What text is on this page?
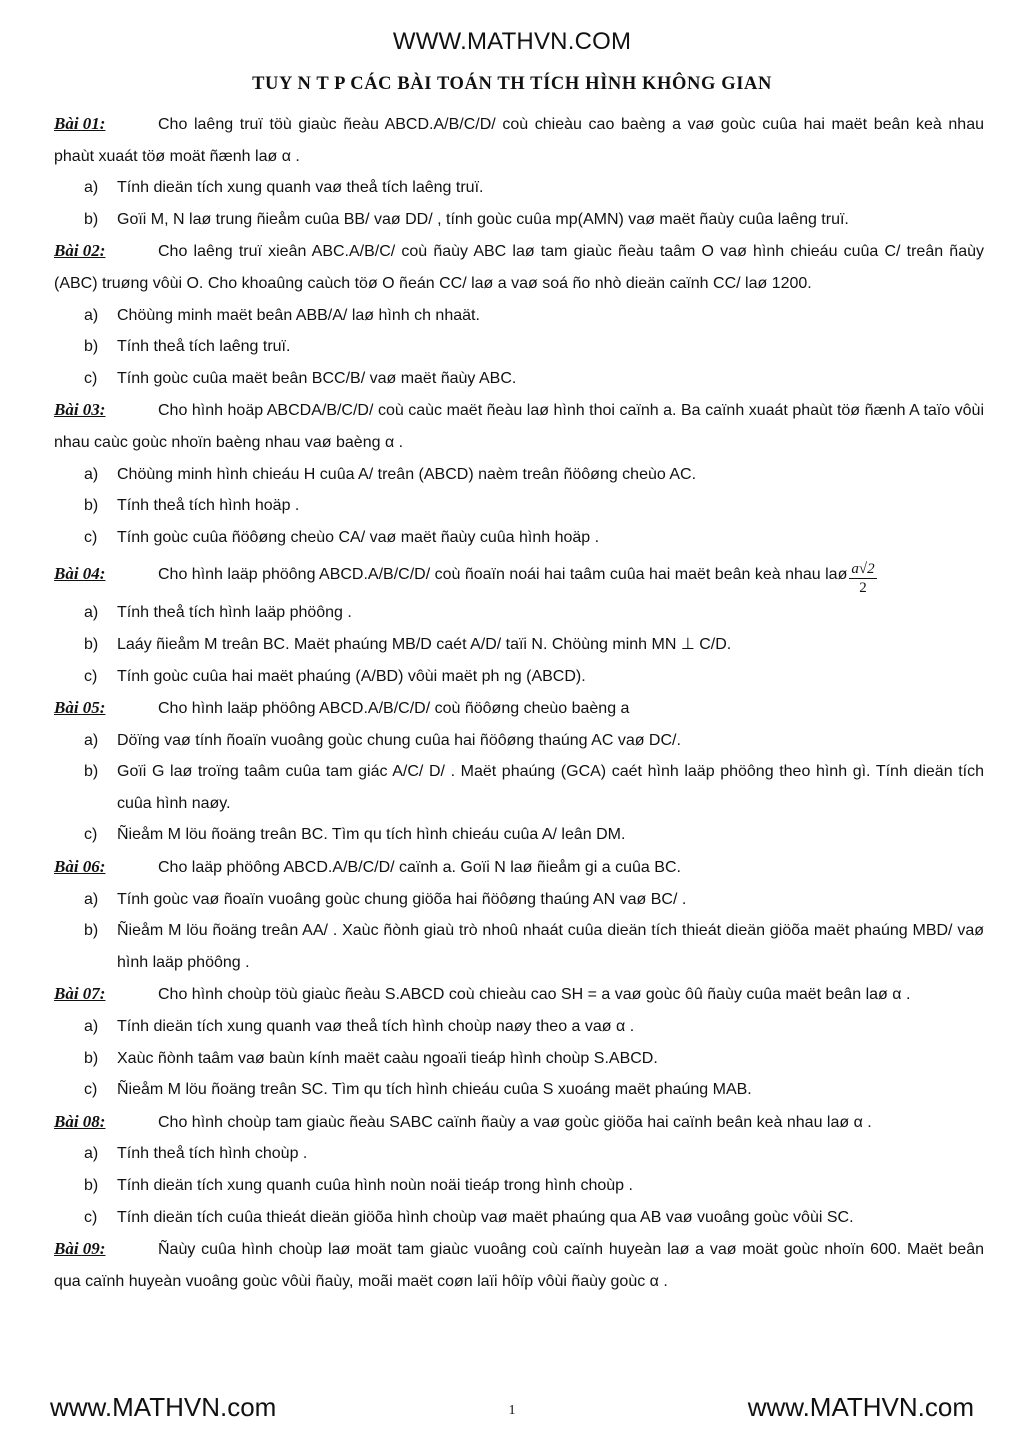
WWW.MATHVN.COM
TUY N T P CÁC BÀI TOÁN TH TÍCH HÌNH KHÔNG GIAN
Bài 01:	Cho laêng truï töù giaùc ñeàu ABCD.A/B/C/D/ coù chieàu cao baèng a vaø goùc cuûa hai maët beân keà nhau phaùt xuaát töø moät ñænh laø α .
a)	Tính dieän tích xung quanh vaø theå tích laêng truï.
b)	Goïi M, N laø trung ñieåm cuûa BB/ vaø DD/ , tính goùc cuûa mp(AMN) vaø maët ñaùy cuûa laêng truï.
Bài 02:	Cho laêng truï xieân ABC.A/B/C/ coù ñaùy ABC laø tam giaùc ñeàu taâm O vaø hình chieáu cuûa C/ treân ñaùy (ABC) truøng vôùi O. Cho khoaûng caùch töø O ñeán CC/ laø a vaø soá ño nhò dieän caïnh CC/ laø 1200.
a)	Chöùng minh maët beân ABB/A/ laø hình ch nhaät.
b)	Tính theå tích laêng truï.
c)	Tính goùc cuûa maët beân BCC/B/ vaø maët ñaùy ABC.
Bài 03:	Cho hình hoäp ABCDA/B/C/D/ coù caùc maët ñeàu laø hình thoi caïnh a. Ba caïnh xuaát phaùt töø ñænh A taïo vôùi nhau caùc goùc nhoïn baèng nhau vaø baèng α .
a)	Chöùng minh hình chieáu H cuûa A/ treân (ABCD) naèm treân ñöôøng cheùo AC.
b)	Tính theå tích hình hoäp .
c)	Tính goùc cuûa ñöôøng cheùo CA/ vaø maët ñaùy cuûa hình hoäp .
Bài 04:	Cho hình laäp phöông ABCD.A/B/C/D/ coù ñoaïn noái hai taâm cuûa hai maët beân keà nhau laø $\frac{a√2}{2}$
a)	Tính theå tích hình laäp phöông .
b)	Laáy ñieåm M treân BC. Maët phaúng MB/D caét A/D/ taïi N. Chöùng minh MN ⊥ C/D.
c)	Tính goùc cuûa hai maët phaúng (A/BD) vôùi maët ph ng (ABCD).
Bài 05:	Cho hình laäp phöông ABCD.A/B/C/D/ coù ñöôøng cheùo baèng a
a)	Döïng vaø tính ñoaïn vuoâng goùc chung cuûa hai ñöôøng thaúng AC vaø DC/.
b)	Goïi G laø troïng taâm cuûa tam giác A/C/ D/ . Maët phaúng (GCA) caét hình laäp phöông theo hình gì. Tính dieän tích cuûa hình naøy.
c)	Ñieåm M löu ñoäng treân BC. Tìm qu tích hình chieáu cuûa A/ leân DM.
Bài 06:	Cho laäp phöông ABCD.A/B/C/D/ caïnh a. Goïi N laø ñieåm gi a cuûa BC.
a)	Tính goùc vaø ñoaïn vuoâng goùc chung giöõa hai ñöôøng thaúng AN vaø BC/ .
b)	Ñieåm M löu ñoäng treân AA/ . Xaùc ñònh giaù trò nhoû nhaát cuûa dieän tích thieát dieän giöõa maët phaúng MBD/ vaø hình laäp phöông .
Bài 07:	Cho hình choùp töù giaùc ñeàu S.ABCD coù chieàu cao SH = a vaø goùc ôû ñaùy cuûa maët beân laø α .
a)	Tính dieän tích xung quanh vaø theå tích hình choùp naøy theo a vaø α .
b)	Xaùc ñònh taâm vaø baùn kính maët caàu ngoaïi tieáp hình choùp S.ABCD.
c)	Ñieåm M löu ñoäng treân SC. Tìm qu tích hình chieáu cuûa S xuoáng maët phaúng MAB.
Bài 08:	Cho hình choùp tam giaùc ñeàu SABC caïnh ñaùy a vaø goùc giöõa hai caïnh beân keà nhau laø α .
a)	Tính theå tích hình choùp .
b)	Tính dieän tích xung quanh cuûa hình noùn noäi tieáp trong hình choùp .
c)	Tính dieän tích cuûa thieát dieän giöõa hình choùp vaø maët phaúng qua AB vaø vuoâng goùc vôùi SC.
Bài 09:	Ñaùy cuûa hình choùp laø moät tam giaùc vuoâng coù caïnh huyeàn laø a vaø moät goùc nhoïn 600. Maët beân qua caïnh huyeàn vuoâng goùc vôùi ñaùy, moãi maët coøn laïi hôïp vôùi ñaùy goùc α .
www.MATHVN.com	1	www.MATHVN.com
